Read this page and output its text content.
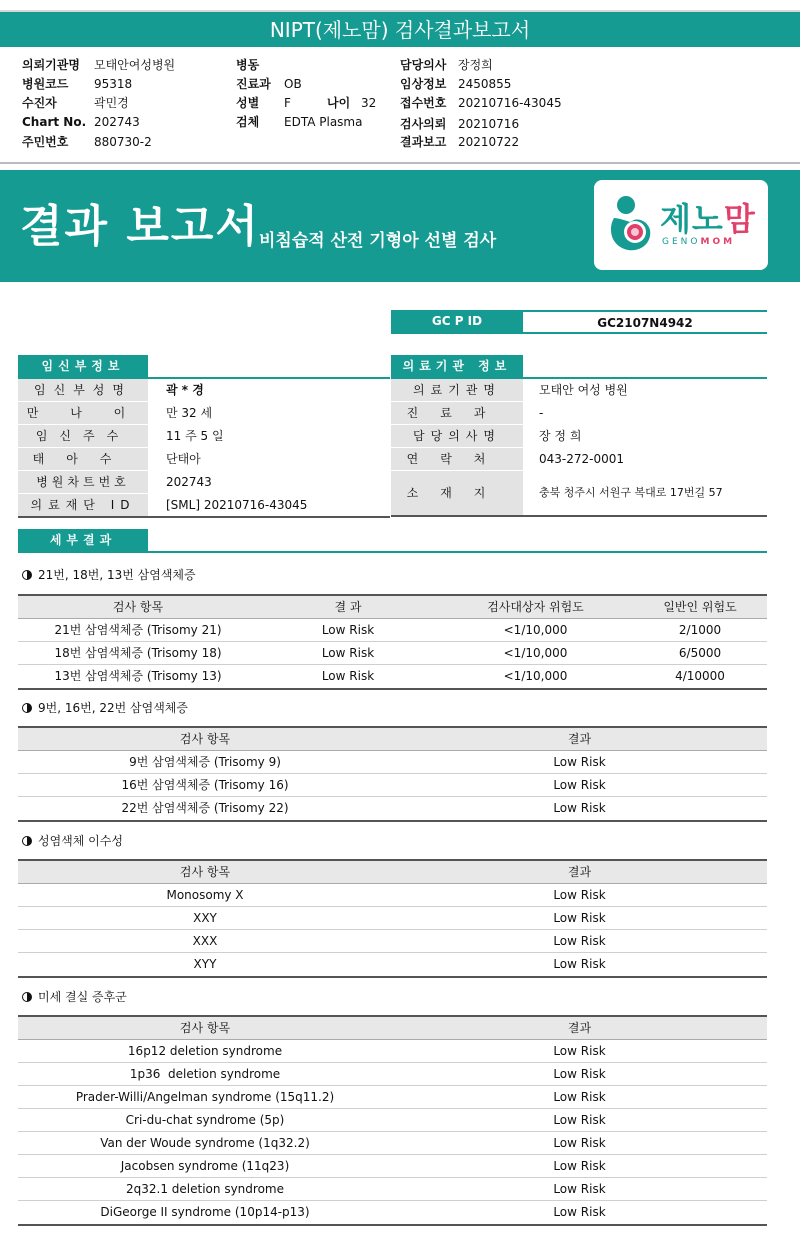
NIPT(제노맘) 검사결과보고서
의뢰기관명 모태안여성병원
병원코드 95318
수진자	곽민경
Chart No. 202743
주민번호 880730-2
병동
진료과 OB
성별 F	나이 32
검체 EDTA Plasma
담당의사 장정희
임상정보 2450855
접수번호 20210716-43045
검사의뢰 20210716
결과보고 20210722
결과 보고서 비침습적 산전 기형아 선별 검사
제노맘
GENOMOM
GC P ID	GC2107N4942
임신부정보
임신부성명	곽 * 경
만 나 이	만 32 세
임신주수	11 주 5 일
태아수	단태아
병원차트번호	202743
의료재단 ID	[SML] 20210716-43045
의료기관 정보
의료기관명	모태안 여성 병원
진료과	-
담당의사명	장 정 희
연락처	043-272-0001
소재지	충북 청주시 서원구 복대로 17번길 57
세부결과
21번, 18번, 13번 삼염색체증
검사 항목	결 과	검사대상자 위험도	일반인 위험도
21번 삼염색체증 (Trisomy 21)	Low Risk	<1/10,000	2/1000
18번 삼염색체증 (Trisomy 18)	Low Risk	<1/10,000	6/5000
13번 삼염색체증 (Trisomy 13)	Low Risk	<1/10,000	4/10000
9번, 16번, 22번 삼염색체증
검사 항목	결과
9번 삼염색체증 (Trisomy 9)	Low Risk
16번 삼염색체증 (Trisomy 16)	Low Risk
22번 삼염색체증 (Trisomy 22)	Low Risk
성염색체 이수성
검사 항목	결과
Monosomy X	Low Risk
XXY	Low Risk
XXX	Low Risk
XYY	Low Risk
미세 결실 증후군
검사 항목	결과
16p12 deletion syndrome	Low Risk
1p36  deletion syndrome	Low Risk
Prader-Willi/Angelman syndrome (15q11.2)	Low Risk
Cri-du-chat syndrome (5p)	Low Risk
Van der Woude syndrome (1q32.2)	Low Risk
Jacobsen syndrome (11q23)	Low Risk
2q32.1 deletion syndrome	Low Risk
DiGeorge II syndrome (10p14-p13)	Low Risk
